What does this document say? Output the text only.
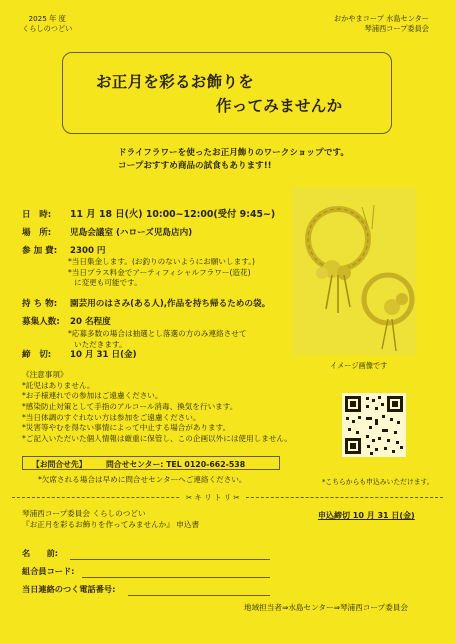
2025 年 度
くらしのつどい
おかやまコープ 水島センター
琴浦西コープ委員会
お正月を彩るお飾りを
作ってみませんか
ドライフラワーを使ったお正月飾りのワークショップです。
コープおすすめ商品の試食もあります!!
日　時: 11 月 18 日(火) 10:00~12:00(受付 9:45~)
場　所: 児島会議室 (ハローズ児島店内)
参 加 費: 2300 円
*当日集金します。(お釣りのないようにお願いします。)
*当日プラス料金でアーティフィシャルフラワー(造花)
に変更も可能です。
持 ち 物: 園芸用のはさみ(ある人),作品を持ち帰るための袋。
募集人数: 20 名程度
*応募多数の場合は抽選とし落選の方のみ連絡させて
いただきます。
締　切: 10 月 31 日(金)
イメージ画像です
《注意事項》
*託児はありません。
*お子様連れでの参加はご遠慮ください。
*感染防止対策として手指のアルコール消毒、換気を行います。
*当日体調のすぐれない方は参加をご遠慮ください。
*災害等やむを得ない事情によって中止する場合があります。
*ご記入いただいた個人情報は厳重に保管し、この企画以外には使用しません。
*こちらからも申込みいただけます。
【お問合せ先】 問合せセンター: TEL 0120-662-538
*欠席される場合は早めに問合せセンターへご連絡ください。
✂ キ リ ト リ ✂
琴浦西コープ委員会 くらしのつどい
『お正月を彩るお飾りを作ってみませんか』 申込書
申込締切 10 月 31 日(金)
名　　前:
組合員コード:
当日連絡のつく電話番号:
地域担当者⇒水島センター⇒琴浦西コープ委員会
